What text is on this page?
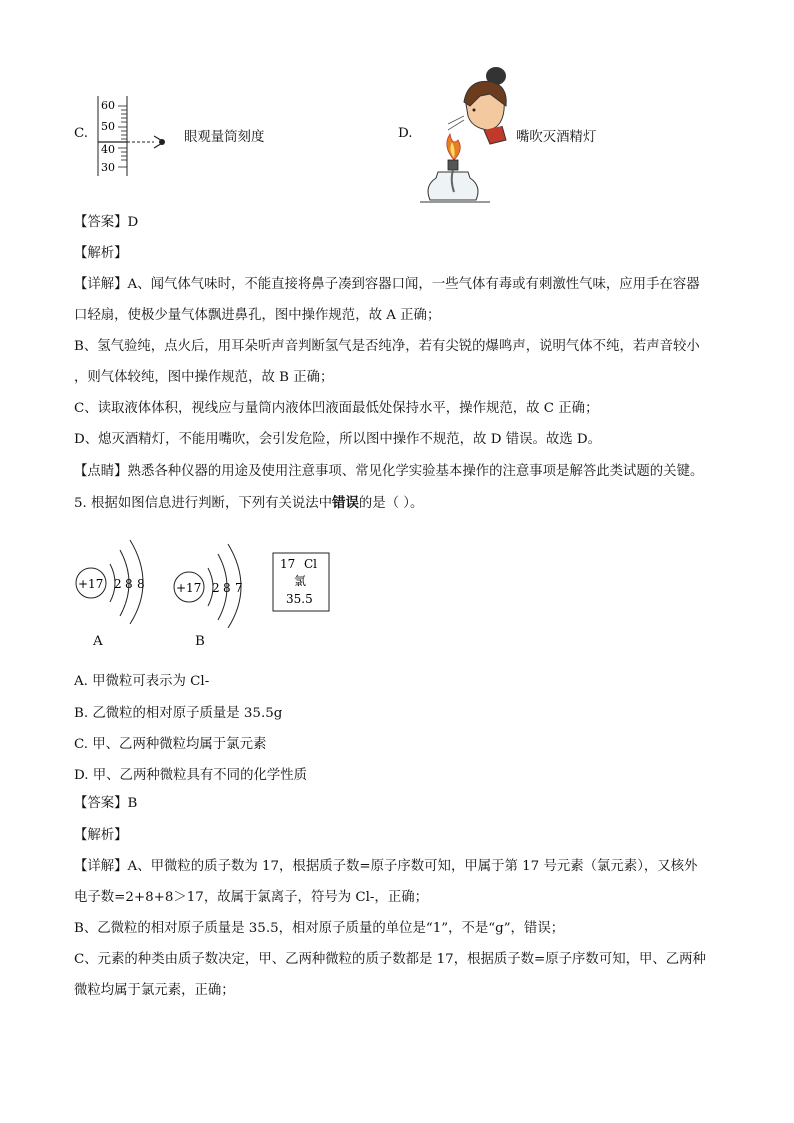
C.
60
50
40
30
眼观量筒刻度	D.	嘴吹灭酒精灯
【答案】D
【解析】
【详解】A、闻气体气味时，不能直接将鼻子凑到容器口闻，一些气体有毒或有刺激性气味，应用手在容器
口轻扇，使极少量气体飘进鼻孔，图中操作规范，故 A 正确；
B、氢气验纯，点火后，用耳朵听声音判断氢气是否纯净，若有尖锐的爆鸣声，说明气体不纯，若声音较小
，则气体较纯，图中操作规范，故 B 正确；
C、读取液体体积，视线应与量筒内液体凹液面最低处保持水平，操作规范，故 C 正确；
D、熄灭酒精灯，不能用嘴吹，会引发危险，所以图中操作不规范，故 D 错误。故选 D。
【点睛】熟悉各种仪器的用途及使用注意事项、常见化学实验基本操作的注意事项是解答此类试题的关键。
5. 根据如图信息进行判断，下列有关说法中错误的是（ ）。
+17 2 8 8
A
+17 2 8 7
B
17 Cl
氯
35.5
A. 甲微粒可表示为 Cl-
B. 乙微粒的相对原子质量是 35.5g
C. 甲、乙两种微粒均属于氯元素
D. 甲、乙两种微粒具有不同的化学性质
【答案】B
【解析】
【详解】A、甲微粒的质子数为 17，根据质子数=原子序数可知，甲属于第 17 号元素（氯元素），又核外
电子数=2+8+8＞17，故属于氯离子，符号为 Cl-，正确；
B、乙微粒的相对原子质量是 35.5，相对原子质量的单位是“1”，不是“g”，错误；
C、元素的种类由质子数决定，甲、乙两种微粒的质子数都是 17，根据质子数=原子序数可知，甲、乙两种
微粒均属于氯元素，正确；
